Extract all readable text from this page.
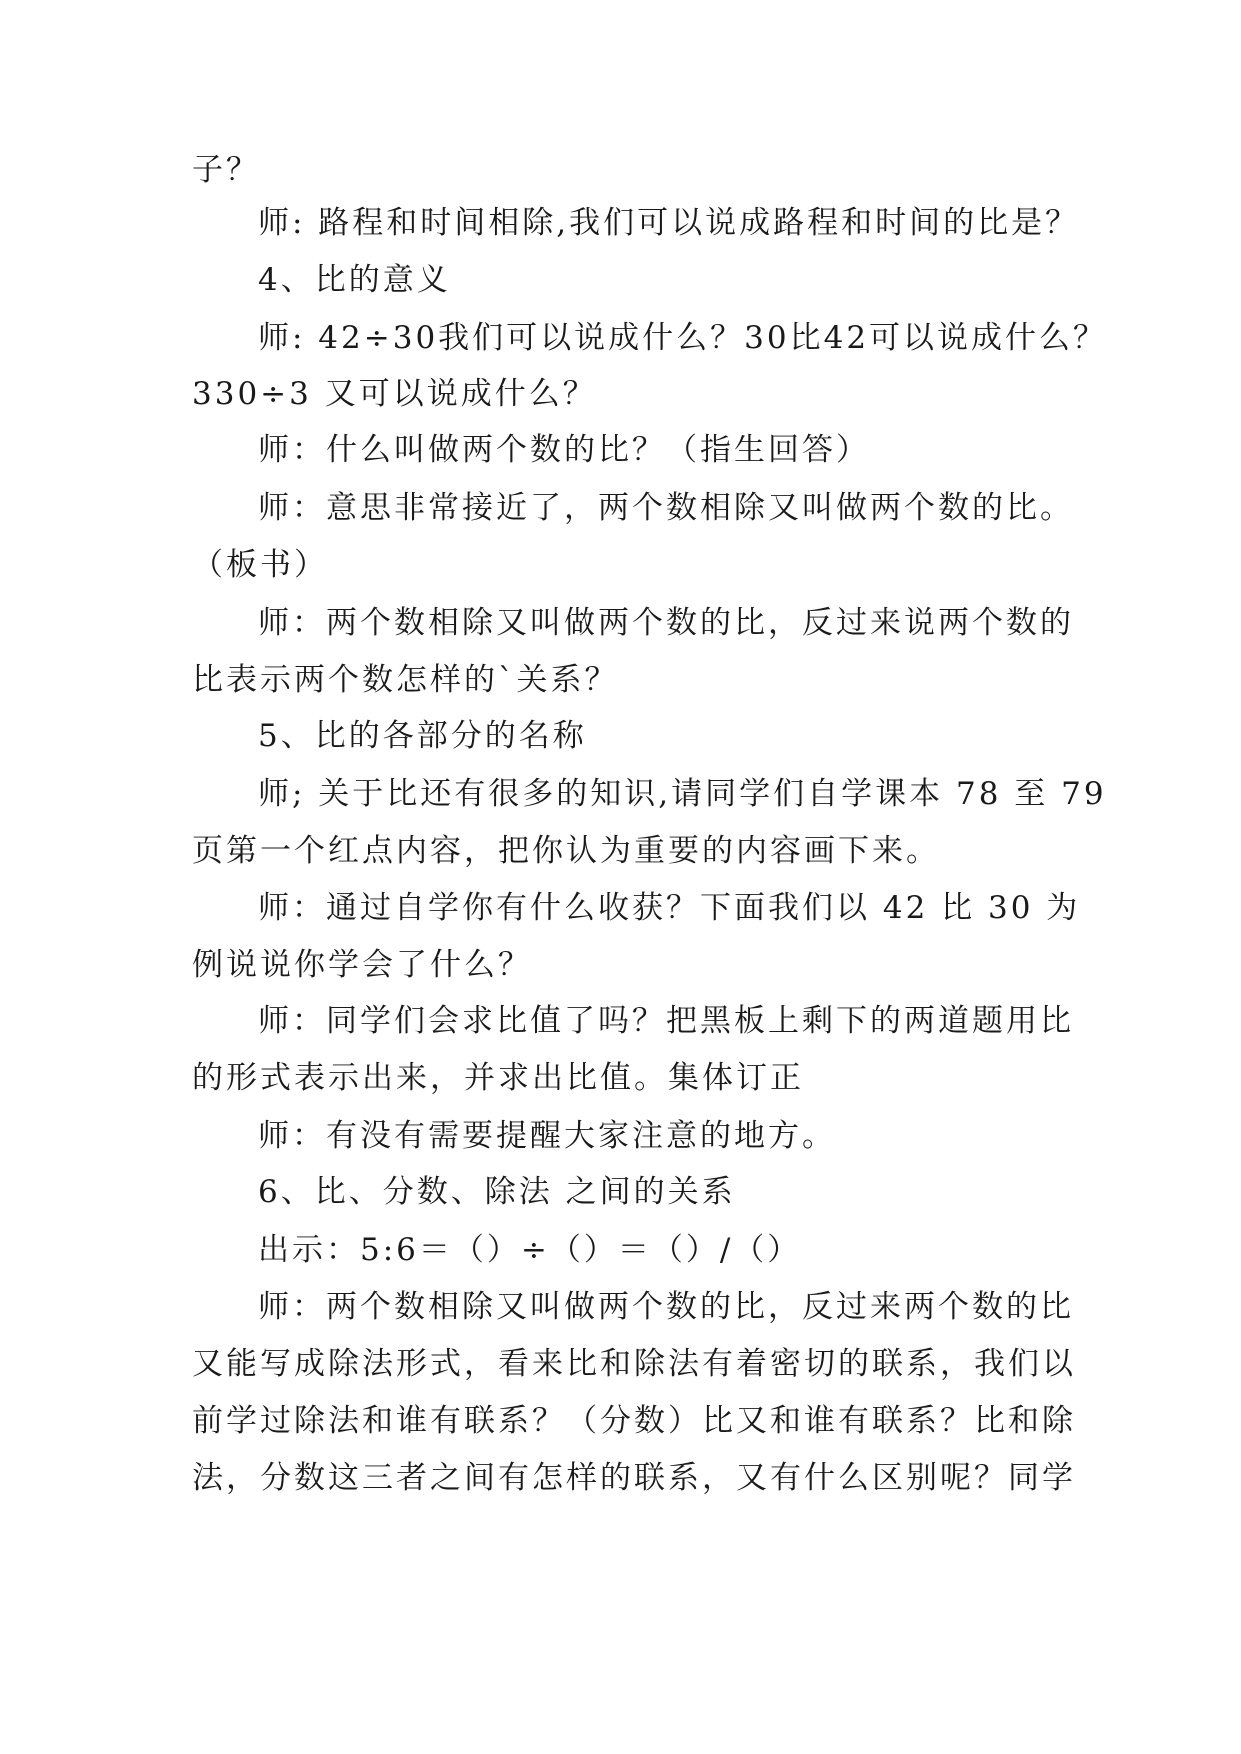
子？
师: 路程和时间相除,我们可以说成路程和时间的比是？
4、比的意义
师: 42÷30我们可以说成什么？30比42可以说成什么？
330÷3 又可以说成什么？
师：什么叫做两个数的比？（指生回答）
师：意思非常接近了，两个数相除又叫做两个数的比。
（板书）
师：两个数相除又叫做两个数的比，反过来说两个数的
比表示两个数怎样的`关系？
5、比的各部分的名称
师; 关于比还有很多的知识,请同学们自学课本 78 至 79
页第一个红点内容，把你认为重要的内容画下来。
师：通过自学你有什么收获？下面我们以 42 比 30 为
例说说你学会了什么？
师：同学们会求比值了吗？把黑板上剩下的两道题用比
的形式表示出来，并求出比值。集体订正
师：有没有需要提醒大家注意的地方。
6、比、分数、除法 之间的关系
出示：5:6＝（）÷（）＝（）/（）
师：两个数相除又叫做两个数的比，反过来两个数的比
又能写成除法形式，看来比和除法有着密切的联系，我们以
前学过除法和谁有联系？（分数）比又和谁有联系？比和除
法，分数这三者之间有怎样的联系，又有什么区别呢？同学
